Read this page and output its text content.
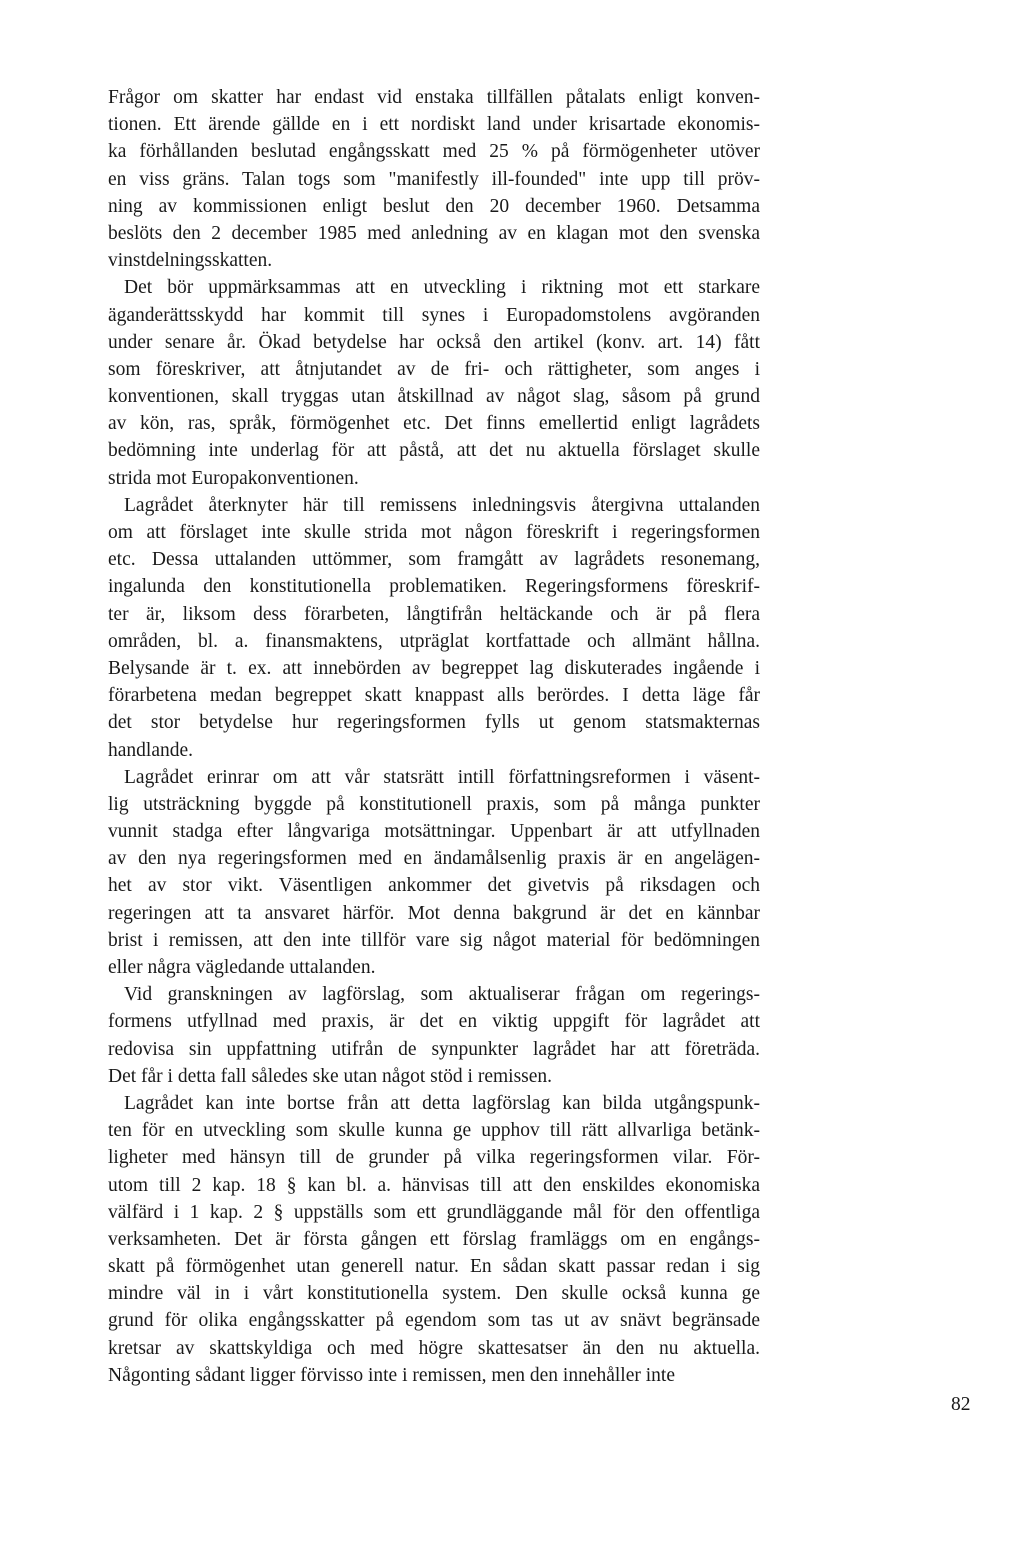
Frågor om skatter har endast vid enstaka tillfällen påtalats enligt konven-
tionen. Ett ärende gällde en i ett nordiskt land under krisartade ekonomis-
ka förhållanden beslutad engångsskatt med 25 % på förmögenheter utöver
en viss gräns. Talan togs som "manifestly ill-founded" inte upp till pröv-
ning av kommissionen enligt beslut den 20 december 1960. Detsamma
beslöts den 2 december 1985 med anledning av en klagan mot den svenska
vinstdelningsskatten.
Det bör uppmärksammas att en utveckling i riktning mot ett starkare
äganderättsskydd har kommit till synes i Europadomstolens avgöranden
under senare år. Ökad betydelse har också den artikel (konv. art. 14) fått
som föreskriver, att åtnjutandet av de fri- och rättigheter, som anges i
konventionen, skall tryggas utan åtskillnad av något slag, såsom på grund
av kön, ras, språk, förmögenhet etc. Det finns emellertid enligt lagrådets
bedömning inte underlag för att påstå, att det nu aktuella förslaget skulle
strida mot Europakonventionen.
Lagrådet återknyter här till remissens inledningsvis återgivna uttalanden
om att förslaget inte skulle strida mot någon föreskrift i regeringsformen
etc. Dessa uttalanden uttömmer, som framgått av lagrådets resonemang,
ingalunda den konstitutionella problematiken. Regeringsformens föreskrif-
ter är, liksom dess förarbeten, långtifrån heltäckande och är på flera
områden, bl. a. finansmaktens, utpräglat kortfattade och allmänt hållna.
Belysande är t. ex. att innebörden av begreppet lag diskuterades ingående i
förarbetena medan begreppet skatt knappast alls berördes. I detta läge får
det stor betydelse hur regeringsformen fylls ut genom statsmakternas
handlande.
Lagrådet erinrar om att vår statsrätt intill författningsreformen i väsent-
lig utsträckning byggde på konstitutionell praxis, som på många punkter
vunnit stadga efter långvariga motsättningar. Uppenbart är att utfyllnaden
av den nya regeringsformen med en ändamålsenlig praxis är en angelägen-
het av stor vikt. Väsentligen ankommer det givetvis på riksdagen och
regeringen att ta ansvaret härför. Mot denna bakgrund är det en kännbar
brist i remissen, att den inte tillför vare sig något material för bedömningen
eller några vägledande uttalanden.
Vid granskningen av lagförslag, som aktualiserar frågan om regerings-
formens utfyllnad med praxis, är det en viktig uppgift för lagrådet att
redovisa sin uppfattning utifrån de synpunkter lagrådet har att företräda.
Det får i detta fall således ske utan något stöd i remissen.
Lagrådet kan inte bortse från att detta lagförslag kan bilda utgångspunk-
ten för en utveckling som skulle kunna ge upphov till rätt allvarliga betänk-
ligheter med hänsyn till de grunder på vilka regeringsformen vilar. För-
utom till 2 kap. 18 § kan bl. a. hänvisas till att den enskildes ekonomiska
välfärd i 1 kap. 2 § uppställs som ett grundläggande mål för den offentliga
verksamheten. Det är första gången ett förslag framläggs om en engångs-
skatt på förmögenhet utan generell natur. En sådan skatt passar redan i sig
mindre väl in i vårt konstitutionella system. Den skulle också kunna ge
grund för olika engångsskatter på egendom som tas ut av snävt begränsade
kretsar av skattskyldiga och med högre skattesatser än den nu aktuella.
Någonting sådant ligger förvisso inte i remissen, men den innehåller inte
82
